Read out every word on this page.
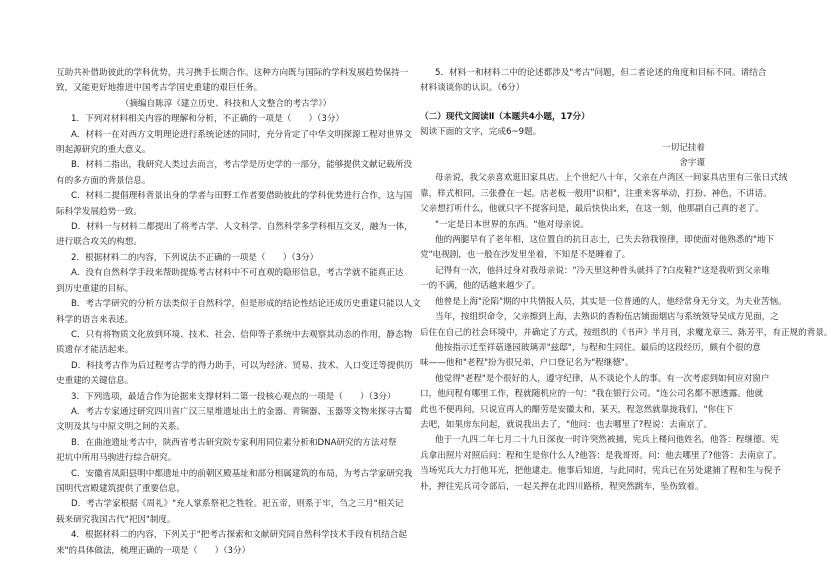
互助共补借助彼此的学科优势，共习携手长期合作。这种方向既与国际的学科发展趋势保持一
致，又能更好地推进中国考古学国史重建的艰巨任务。
（摘编自陈淳《建立历史、科技和人文整合的考古学》）
1．下列对材料相关内容的理解和分析，不正确的一项是（　　）（3分）
A．材料一在对西方文明理论进行系统论述的同时，充分肯定了中华文明探源工程对世界文
明起源研究的重大意义。
B．材料二指出，我研究人类过去而言，考古学是历史学的一部分，能够提供文献记载所没
有的多方面的背景信息。
C．材料二提倡理科背景出身的学者与田野工作者要借助彼此的学科优势进行合作，这与国
际科学发展趋势一致。
D．材料一与材料二都提出了将考古学、人文科学、自然科学多学科相互交叉，融为一体，
进行联合攻关的构想。
2．根据材料二的内容，下列说法不正确的一项是（　　）（3分）
A．没有自然科学手段来帮助提炼考古材料中不可直观的隐形信息，考古学就不能真正达
到历史重建的目标。
B．考古学研究的分析方法类似于自然科学，但是形成的结论性结论还成历史重建只能以人文
科学的语言来表述。
C．只有将物质文化放到环境、技术、社会、信仰等子系统中去观察其动态的作用，静态物
质遗存才能活起来。
D．科技考古作为后过程考古学的得力助手，可以为经济、贸易、技术、人口变迁等提供历
史重建的关键信息。
3．下列选项，最适合作为论据来支撑材料二第一段核心观点的一项是（　　）（3分）
A．考古专家通过研究四川省广汉三星堆遗址出土的金器、青铜器、玉器等文物来探寻古蜀
文明及其与中原文明之间的关系。
B．在曲池遗址考古中，陕西省考古研究院专家利用同位素分析和DNA研究的方法对祭
祀坑中所用马驹进行综合研究。
C．安徽省凤阳县明中都遗址中的前朝区殿基址和部分相属建筑的布局，为考古学家研究我
国明代宫殿建筑提供了重要信息。
D．考古学家根据《周礼》"充人掌系祭祀之牲牷。祀五帝，则系于牢，刍之三月"相关记
载来研究我国古代"祀因"制度。
4．根据材料二的内容，下列关于"把考古探索和文献研究同自然科学技术手段有机结合起
来"的具体做法，梳理正确的一项是（　　）（3分）
5．材料一和材料二中的论述都涉及"考古"问题，但二者论述的角度和目标不同。请结合
材料谈谈你的认识。（6分）
（二）现代文阅读Ⅱ（本题共4小题，17分）
阅读下面的文字，完成6~9题。
一切记挂着
舍宇谨
母亲说，我父亲喜欢逛旧家具店。上个世纪八十年，父亲在卢湾区一间家具店里有三张日式绒
靠，样式相同，三张叠在一起。店老板一般用"识相"，注重来客举动，打扮、神色，不讲话。
父亲想打听什么，他就只字不提客问是，最后快快出来，在这一刻，他那副自己真的老了。
"一定是日本世界的东西。"他对母亲说。
他的两腿早有了老年相，这位置自的抗日志士，已失去勃我徨律，即使面对他熟悉的"地下
党"电视剧，也一般在沙发里坐着，不知是不是睡着了。
记得有一次，他抖过身对我母亲说："冷天里这种骨头就抖了?白皮鞋?"这是我听到父亲唯
一的不满，他的话越来越少了。
他曾是上海"沦陷"期的中共情报人员，其实是一位普通的人，他经常身无分文，为夫业苦恼。
当年，按组织命令，父亲擦到上海，去熟识的香粉伍店铺面烟店与系统领导吴成方见面，之
后住在自己的社会环境中，并确定了方式，按组织的《书声》半月刊，求魔龙章三、陈芳平，有正规的背景。
他按指示迁至祥菇逢园玻璃弄"兹邸"，与程和生同住。最后的这段经历，颇有个很的意
味——他和"老程"扮为很兄弟，户口登记名为"程继德"。
他觉得"老程"是个很好的人，遵守纪律，从不谈论个人的事。有一次考虑到如何应对窗户
口，他问程有哪里工作，程就随机应的一句："我在银行公司。"连公司名都不愿透露。他就
此也不便再问，只说宣再人的醋劳是安徽太和，某天，程忽然就靠拢我们，"你住下
去吧，如果房东问起，就说我出去了，"他问：也去哪里了?程说：去南京了。
他于一九四二年七月二十九日深夜一时许突然被捕，宪兵上楼问他姓名，他答：程继德。宪
兵拿出照片对照后问：程和生是你什么人?他答：是我哥哥。问：他去哪里了?他答：去南京了。
当场宪兵大力打他耳光，把他逮走。他事后知道，与此同时，宪兵已在另处逮捕了程和生与倪予
朴，押往宪兵司令部后，一起关押在北四川路桥，程突然跳车，坠伤致着。
